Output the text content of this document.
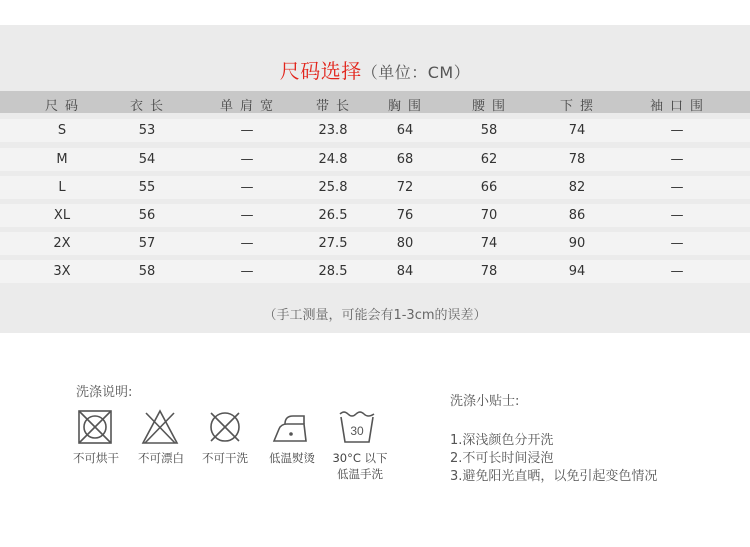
尺码选择（单位：CM）
尺码	衣长	单肩宽	带长	胸围	腰围	下摆	袖口围
S	53	—	23.8	64	58	74	—
M	54	—	24.8	68	62	78	—
L	55	—	25.8	72	66	82	—
XL	56	—	26.5	76	70	86	—
2X	57	—	27.5	80	74	90	—
3X	58	—	28.5	84	78	94	—
（手工测量，可能会有1-3cm的误差）
洗涤说明:
30
不可烘干 不可漂白 不可干洗	低温熨烫	30°C 以下
低温手洗
洗涤小贴士:
1.深浅颜色分开洗
2.不可长时间浸泡
3.避免阳光直晒，以免引起变色情况
